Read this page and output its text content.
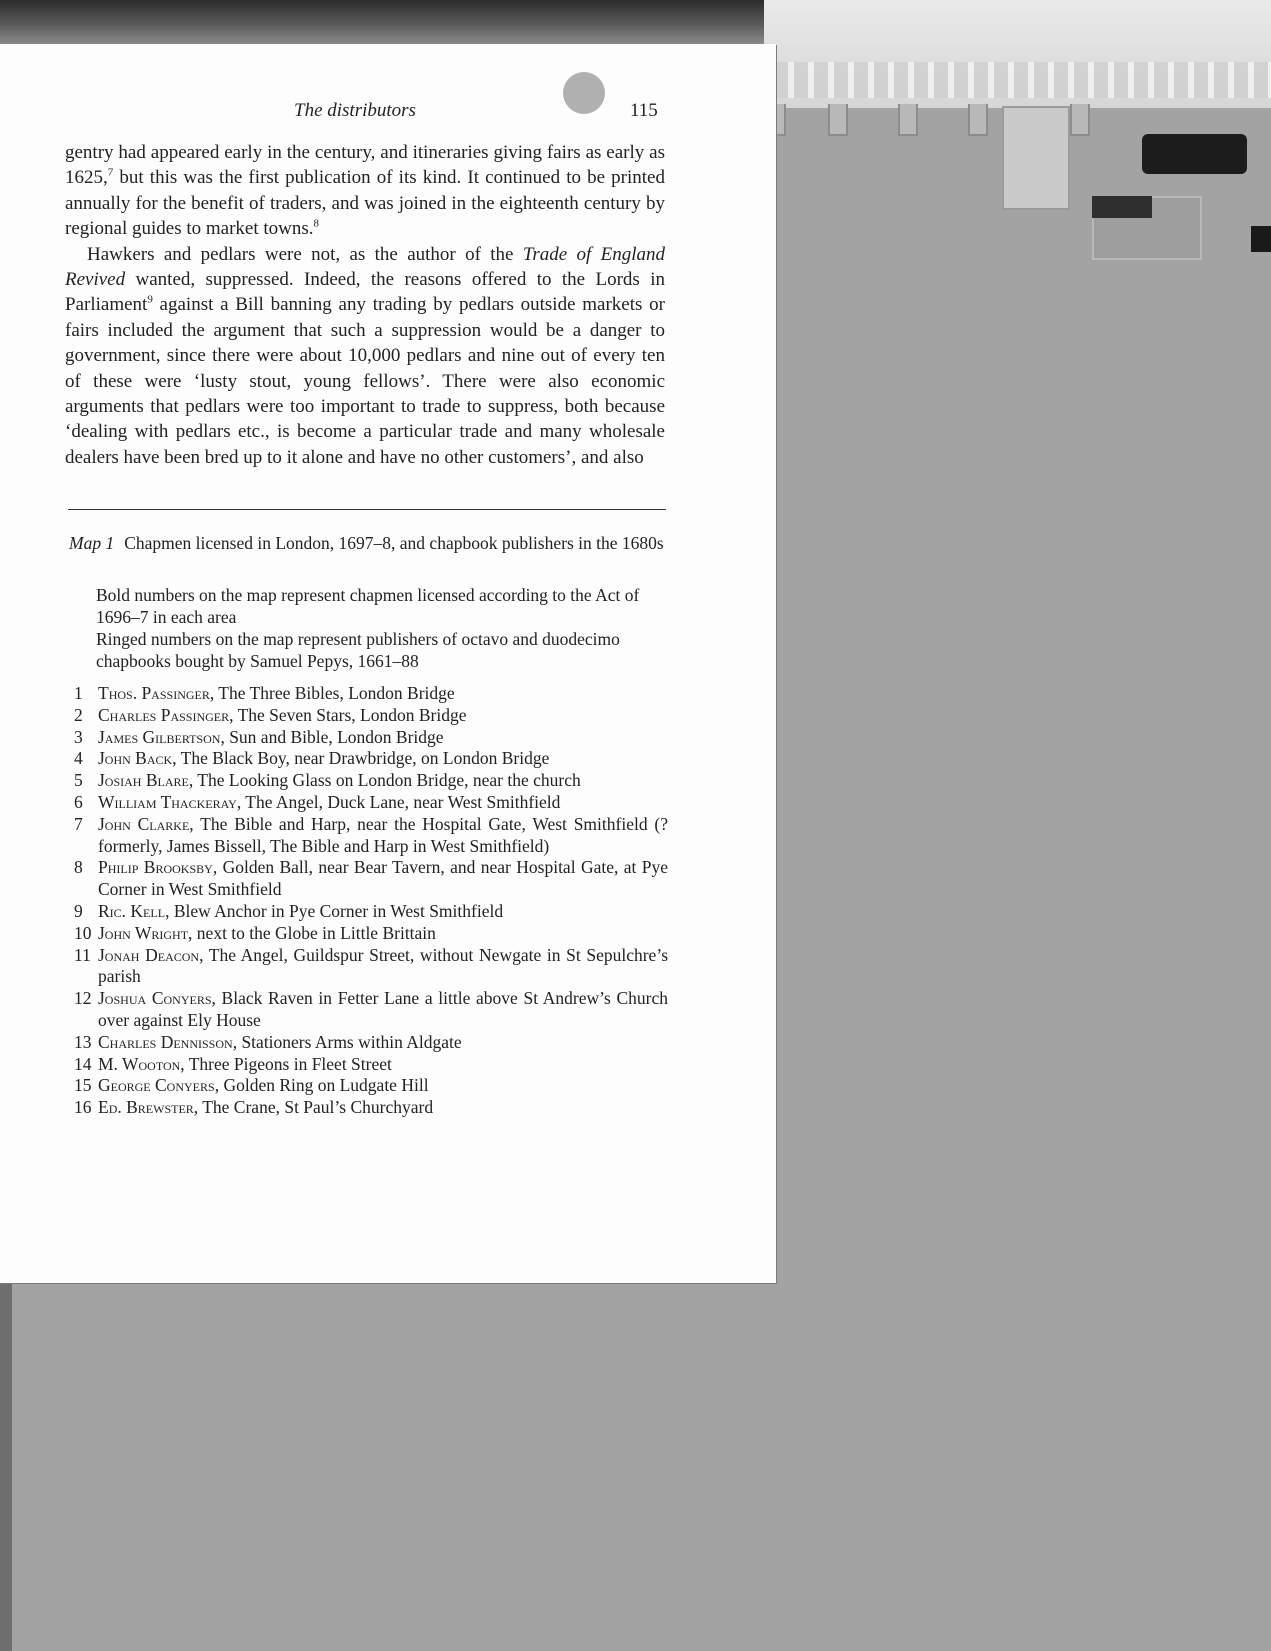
The distributors	115

gentry had appeared early in the century, and itineraries giving fairs as early as 1625,$^7$ but this was the first publication of its kind. It continued to be printed annually for the benefit of traders, and was joined in the eighteenth century by regional guides to market towns.$^8$

Hawkers and pedlars were not, as the author of the Trade of England Revived wanted, suppressed. Indeed, the reasons offered to the Lords in Parliament$^9$ against a Bill banning any trading by pedlars outside markets or fairs included the argument that such a suppression would be a danger to government, since there were about 10,000 pedlars and nine out of every ten of these were ‘lusty stout, young fellows’. There were also economic arguments that pedlars were too important to trade to suppress, both because ‘dealing with pedlars etc., is become a particular trade and many wholesale dealers have been bred up to it alone and have no other customers’, and also

Map 1 Chapmen licensed in London, 1697–8, and chapbook publishers in the 1680s
Bold numbers on the map represent chapmen licensed according to the Act of 1696–7 in each area
Ringed numbers on the map represent publishers of octavo and duodecimo chapbooks bought by Samuel Pepys, 1661–88
1 Thos. Passinger, The Three Bibles, London Bridge
2 Charles Passinger, The Seven Stars, London Bridge
3 James Gilbertson, Sun and Bible, London Bridge
4 John Back, The Black Boy, near Drawbridge, on London Bridge
5 Josiah Blare, The Looking Glass on London Bridge, near the church
6 William Thackeray, The Angel, Duck Lane, near West Smithfield
7 John Clarke, The Bible and Harp, near the Hospital Gate, West Smithfield (?formerly, James Bissell, The Bible and Harp in West Smithfield)
8 Philip Brooksby, Golden Ball, near Bear Tavern, and near Hospital Gate, at Pye Corner in West Smithfield
9 Ric. Kell, Blew Anchor in Pye Corner in West Smithfield
10 John Wright, next to the Globe in Little Brittain
11 Jonah Deacon, The Angel, Guildspur Street, without Newgate in St Sepulchre’s parish
12 Joshua Conyers, Black Raven in Fetter Lane a little above St Andrew’s Church over against Ely House
13 Charles Dennisson, Stationers Arms within Aldgate
14 M. Wooton, Three Pigeons in Fleet Street
15 George Conyers, Golden Ring on Ludgate Hill
16 Ed. Brewster, The Crane, St Paul’s Churchyard
